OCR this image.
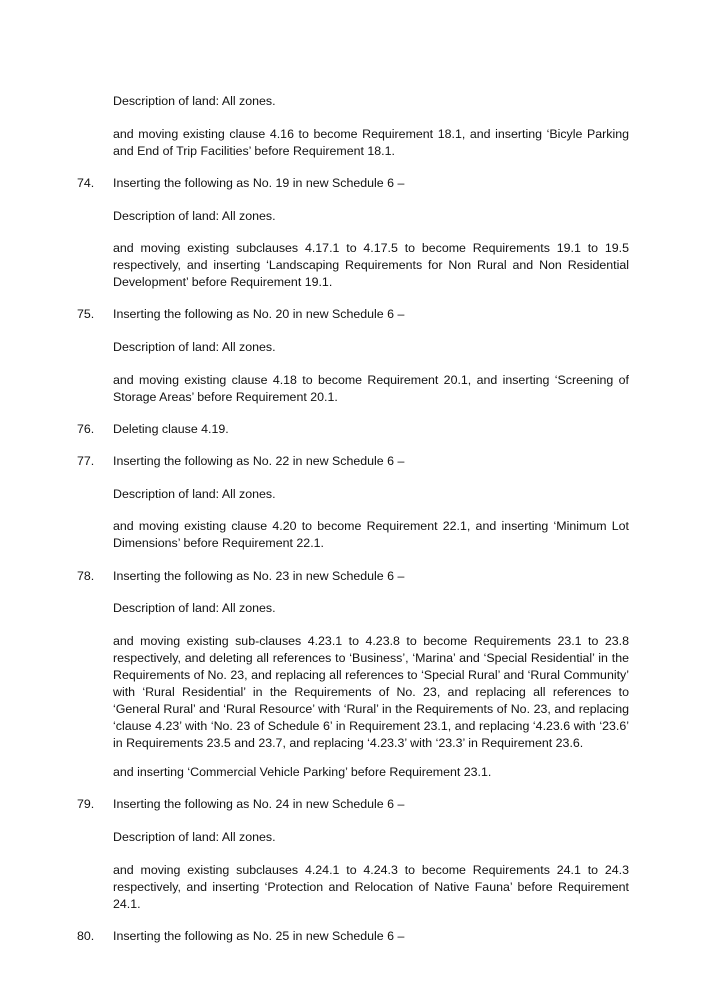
Description of land: All zones.

and moving existing clause 4.16 to become Requirement 18.1, and inserting ‘Bicyle Parking and End of Trip Facilities’ before Requirement 18.1.

74.	Inserting the following as No. 19 in new Schedule 6 –

Description of land: All zones.

and moving existing subclauses 4.17.1 to 4.17.5 to become Requirements 19.1 to 19.5 respectively, and inserting ‘Landscaping Requirements for Non Rural and Non Residential Development’ before Requirement 19.1.

75.	Inserting the following as No. 20 in new Schedule 6 –

Description of land: All zones.

and moving existing clause 4.18 to become Requirement 20.1, and inserting ‘Screening of Storage Areas’ before Requirement 20.1.

76.	Deleting clause 4.19.
77.	Inserting the following as No. 22 in new Schedule 6 –

Description of land: All zones.

and moving existing clause 4.20 to become Requirement 22.1, and inserting ‘Minimum Lot Dimensions’ before Requirement 22.1.

78.	Inserting the following as No. 23 in new Schedule 6 –

Description of land: All zones.

and moving existing sub-clauses 4.23.1 to 4.23.8 to become Requirements 23.1 to 23.8 respectively, and deleting all references to ‘Business’, ‘Marina’ and ‘Special Residential’ in the Requirements of No. 23, and replacing all references to ‘Special Rural’ and ‘Rural Community’ with ‘Rural Residential’ in the Requirements of No. 23, and replacing all references to ‘General Rural’ and ‘Rural Resource’ with ‘Rural’ in the Requirements of No. 23, and replacing ‘clause 4.23’ with ‘No. 23 of Schedule 6’ in Requirement 23.1, and replacing ‘4.23.6 with ‘23.6’ in Requirements 23.5 and 23.7, and replacing ‘4.23.3’ with ‘23.3’ in Requirement 23.6.

and inserting ‘Commercial Vehicle Parking’ before Requirement 23.1.

79.	Inserting the following as No. 24 in new Schedule 6 –

Description of land: All zones.

and moving existing subclauses 4.24.1 to 4.24.3 to become Requirements 24.1 to 24.3 respectively, and inserting ‘Protection and Relocation of Native Fauna’ before Requirement 24.1.

80.	Inserting the following as No. 25 in new Schedule 6 –
